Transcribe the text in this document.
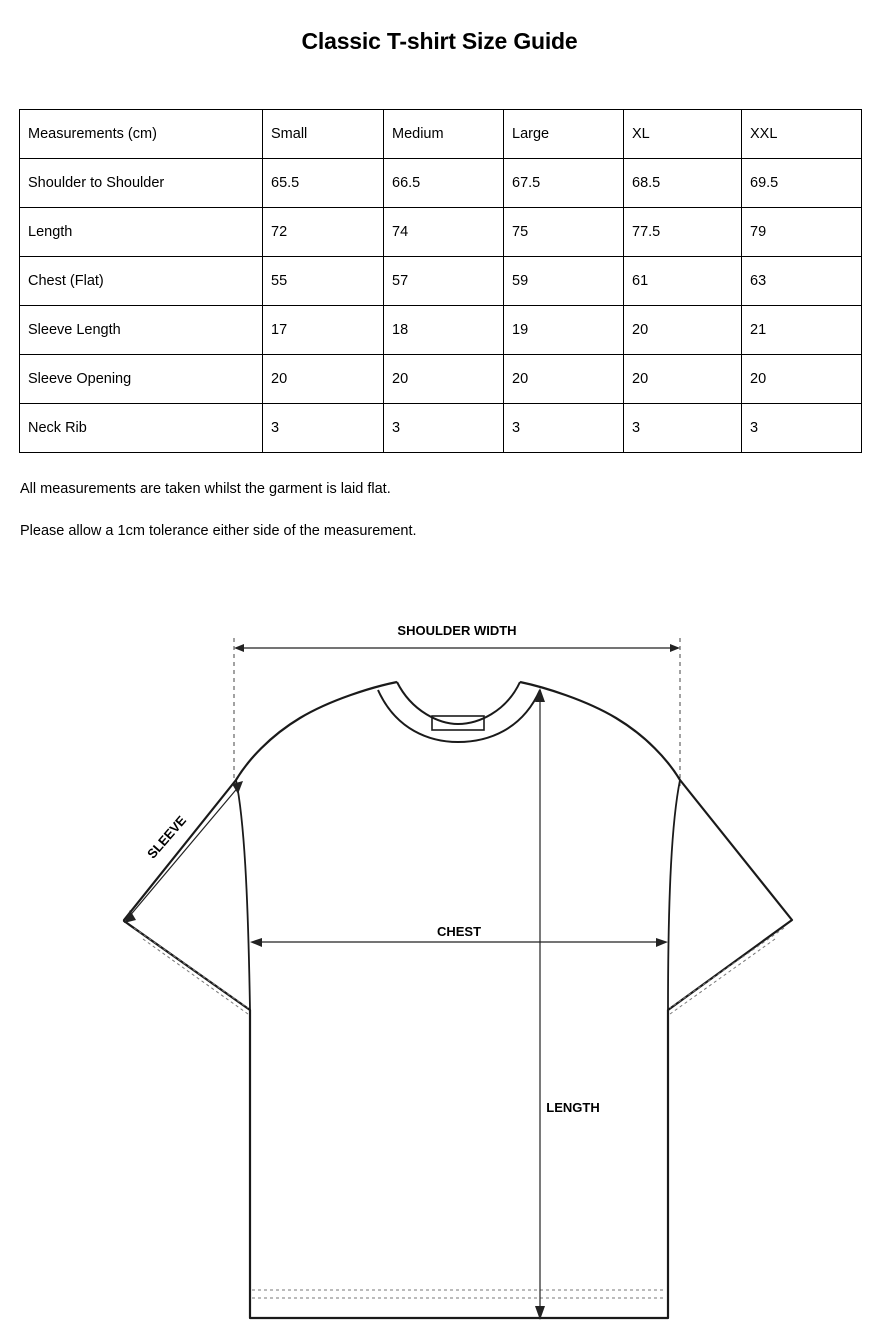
Classic T-shirt Size Guide
Measurements (cm)	Small	Medium	Large	XL	XXL
Shoulder to Shoulder	65.5	66.5	67.5	68.5	69.5
Length	72	74	75	77.5	79
Chest (Flat)	55	57	59	61	63
Sleeve Length	17	18	19	20	21
Sleeve Opening	20	20	20	20	20
Neck Rib	3	3	3	3	3

All measurements are taken whilst the garment is laid flat.

Please allow a 1cm tolerance either side of the measurement.

SHOULDER WIDTH
SLEEVE
CHEST
LENGTH
